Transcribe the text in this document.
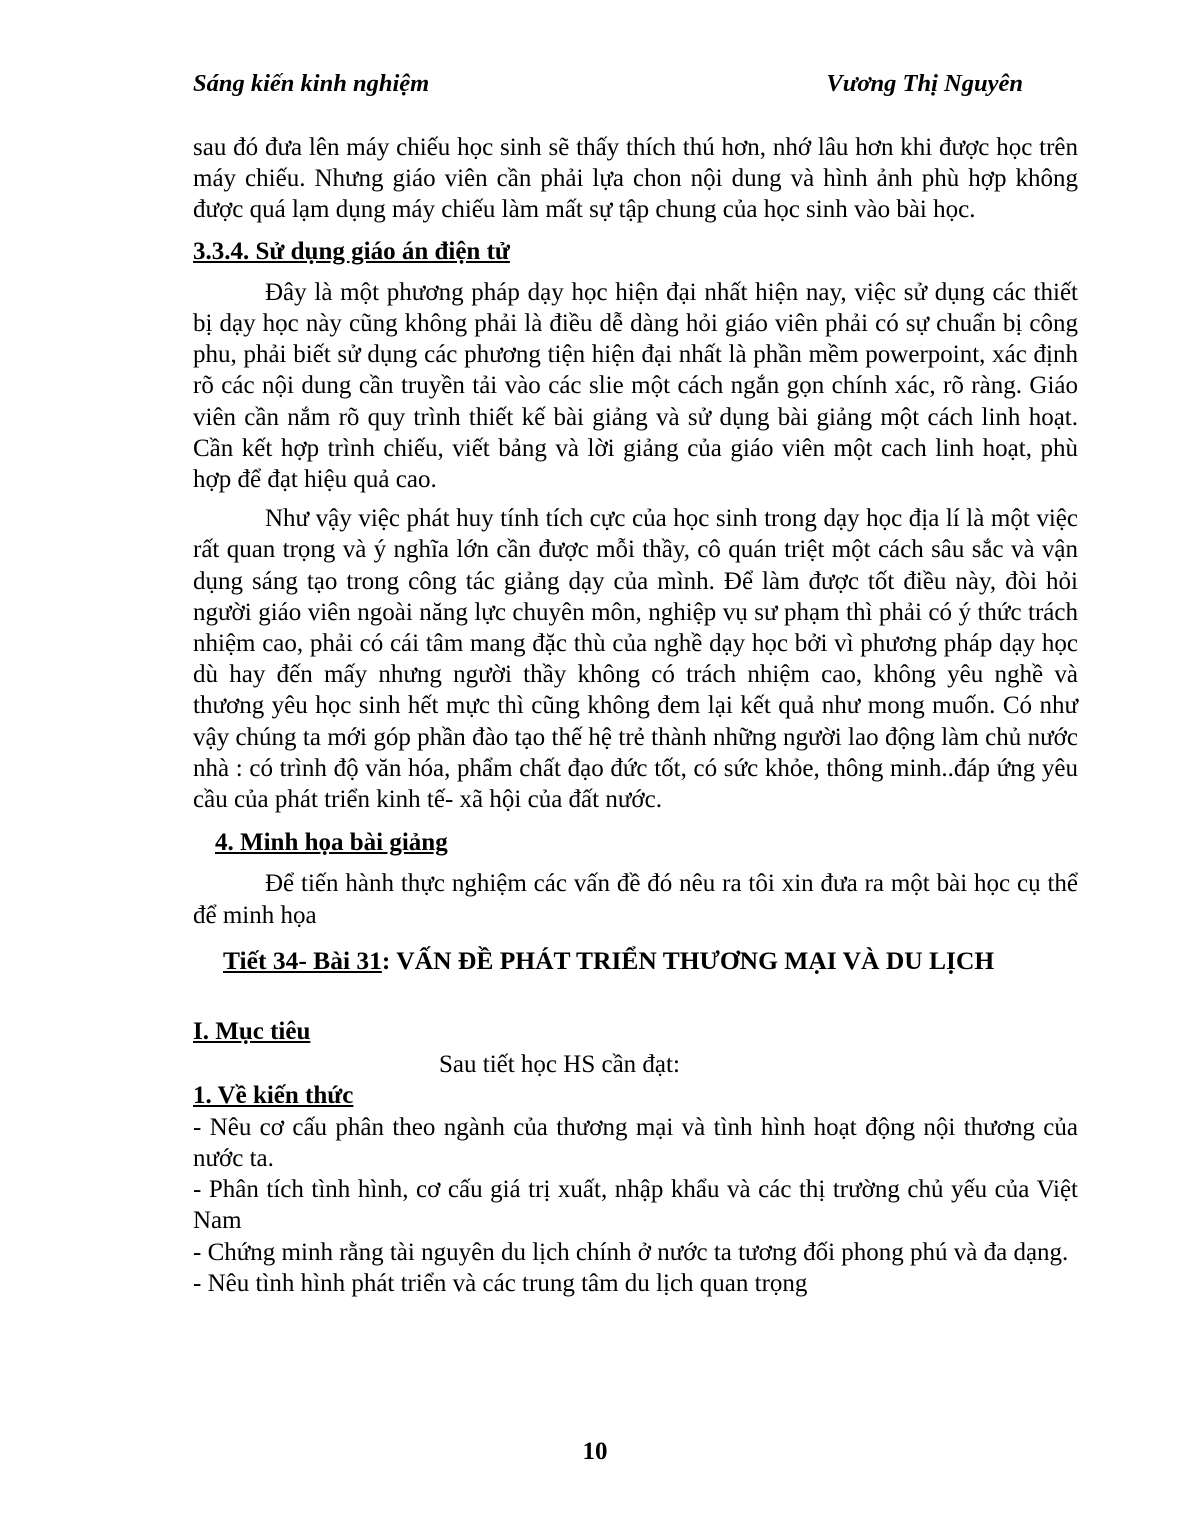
Sáng kiến kinh nghiệm	Vương Thị Nguyên

sau đó đưa lên máy chiếu học sinh sẽ thấy thích thú hơn, nhớ lâu hơn khi được học trên máy chiếu. Nhưng giáo viên cần phải lựa chon nội dung và hình ảnh phù hợp không được quá lạm dụng máy chiếu làm mất sự tập chung của học sinh vào bài học.

3.3.4. Sử dụng giáo án điện tử

Đây là một phương pháp dạy học hiện đại nhất hiện nay, việc sử dụng các thiết bị dạy học này cũng không phải là điều dễ dàng hỏi giáo viên phải có sự chuẩn bị công phu, phải biết sử dụng các phương tiện hiện đại nhất là phần mềm powerpoint, xác định rõ các nội dung cần truyền tải vào các slie một cách ngắn gọn chính xác, rõ ràng. Giáo viên cần nắm rõ quy trình thiết kế bài giảng và sử dụng bài giảng một cách linh hoạt. Cần kết hợp trình chiếu, viết bảng và lời giảng của giáo viên một cach linh hoạt, phù hợp để đạt hiệu quả cao.

Như vậy việc phát huy tính tích cực của học sinh trong dạy học địa lí là một việc rất quan trọng và ý nghĩa lớn cần được mỗi thầy, cô quán triệt một cách sâu sắc và vận dụng sáng tạo trong công tác giảng dạy của mình. Để làm được tốt điều này, đòi hỏi người giáo viên ngoài năng lực chuyên môn, nghiệp vụ sư phạm thì phải có ý thức trách nhiệm cao, phải có cái tâm mang đặc thù của nghề dạy học bởi vì phương pháp dạy học dù hay đến mấy nhưng người thầy không có trách nhiệm cao, không yêu nghề và thương yêu học sinh hết mực thì cũng không đem lại kết quả như mong muốn. Có như vậy chúng ta mới góp phần đào tạo thế hệ trẻ thành những người lao động làm chủ nước nhà : có trình độ văn hóa, phẩm chất đạo đức tốt, có sức khỏe, thông minh..đáp ứng yêu cầu của phát triển kinh tế- xã hội của đất nước.

4. Minh họa bài giảng

Để tiến hành thực nghiệm các vấn đề đó nêu ra tôi xin đưa ra một bài học cụ thể để minh họa

Tiết 34- Bài 31: VẤN ĐỀ PHÁT TRIỂN THƯƠNG MẠI VÀ DU LỊCH
I. Mục tiêu
Sau tiết học HS cần đạt:
1. Về kiến thức

- Nêu cơ cấu phân theo ngành của thương mại và tình hình hoạt động nội thương của nước ta.

- Phân tích tình hình, cơ cấu giá trị xuất, nhập khẩu và các thị trường chủ yếu của Việt Nam

- Chứng minh rằng tài nguyên du lịch chính ở nước ta tương đối phong phú và đa dạng.

- Nêu tình hình phát triển và các trung tâm du lịch quan trọng

10
